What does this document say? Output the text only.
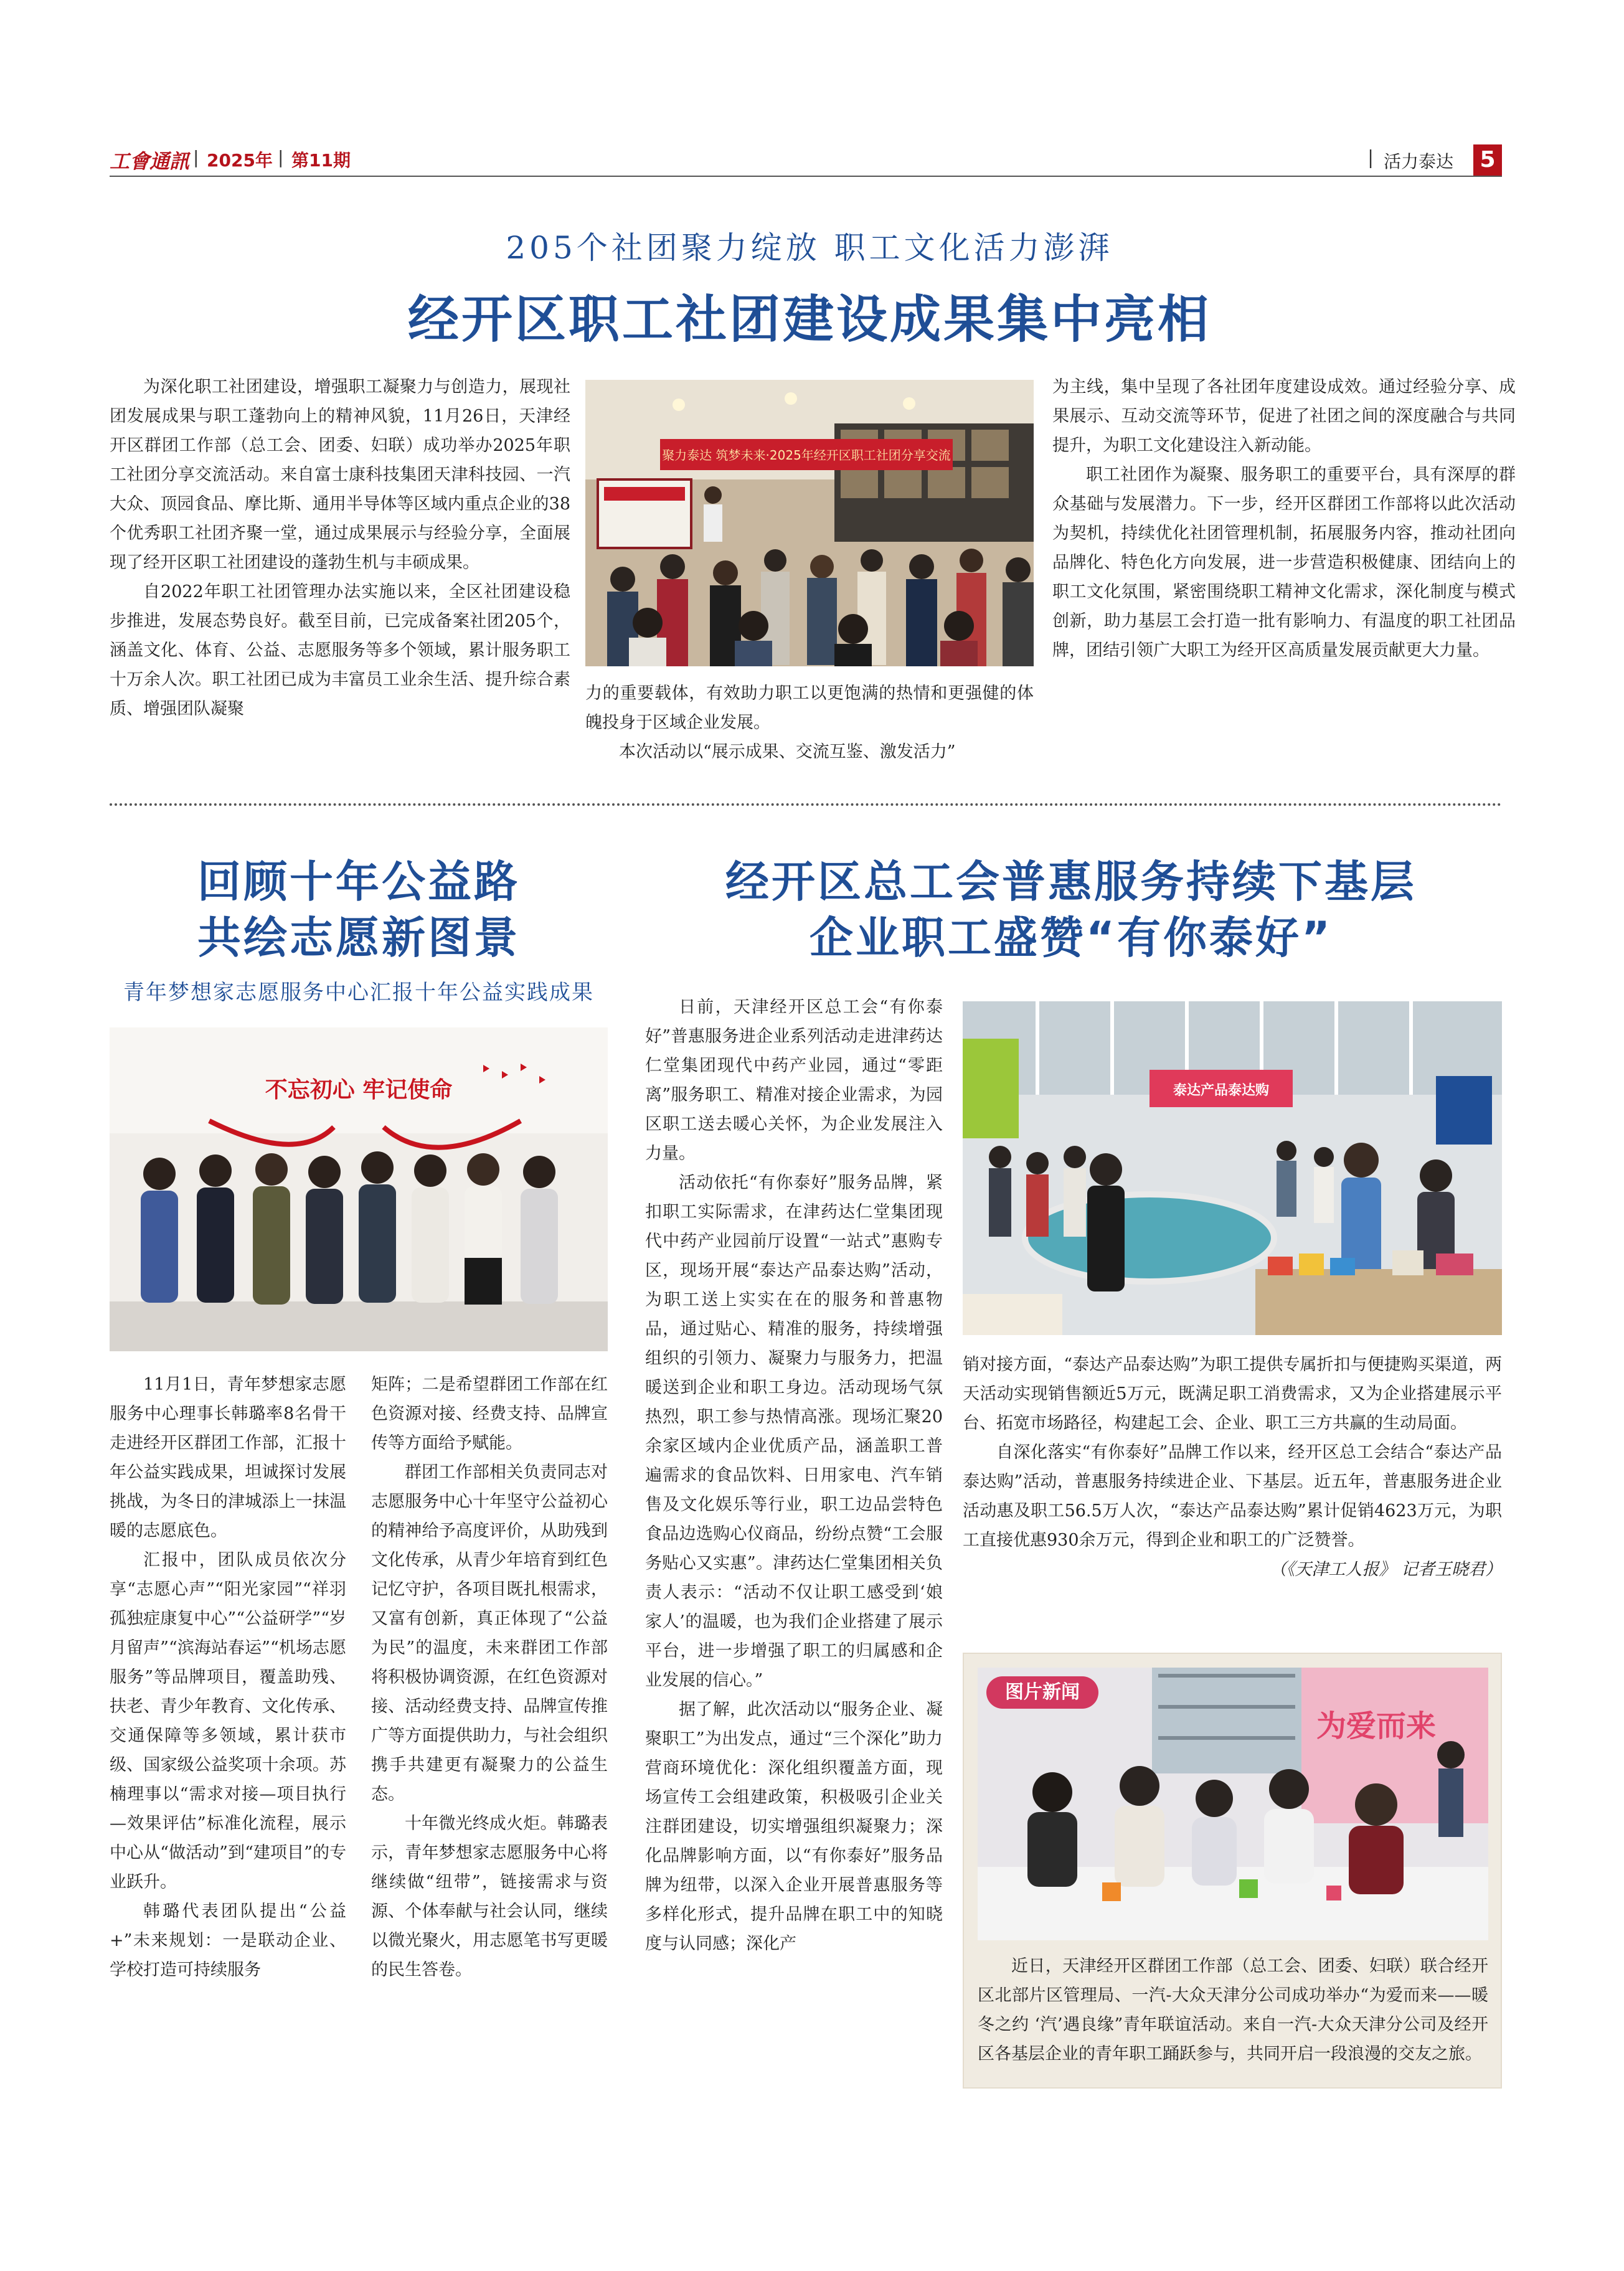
工會通訊 | 2025年 | 第11期	| 活力泰达 5
205个社团聚力绽放 职工文化活力澎湃
经开区职工社团建设成果集中亮相

为深化职工社团建设，增强职工凝聚力与创造力，展现社团发展成果与职工蓬勃向上的精神风貌，11月26日，天津经开区群团工作部（总工会、团委、妇联）成功举办2025年职工社团分享交流活动。来自富士康科技集团天津科技园、一汽大众、顶园食品、摩比斯、通用半导体等区域内重点企业的38个优秀职工社团齐聚一堂，通过成果展示与经验分享，全面展现了经开区职工社团建设的蓬勃生机与丰硕成果。

自2022年职工社团管理办法实施以来，全区社团建设稳步推进，发展态势良好。截至目前，已完成备案社团205个，涵盖文化、体育、公益、志愿服务等多个领域，累计服务职工十万余人次。职工社团已成为丰富员工业余生活、提升综合素质、增强团队凝聚

聚力泰达 筑梦未来·2025年经开区职工社团分享交流

力的重要载体，有效助力职工以更饱满的热情和更强健的体魄投身于区域企业发展。

本次活动以“展示成果、交流互鉴、激发活力”

为主线，集中呈现了各社团年度建设成效。通过经验分享、成果展示、互动交流等环节，促进了社团之间的深度融合与共同提升，为职工文化建设注入新动能。

职工社团作为凝聚、服务职工的重要平台，具有深厚的群众基础与发展潜力。下一步，经开区群团工作部将以此次活动为契机，持续优化社团管理机制，拓展服务内容，推动社团向品牌化、特色化方向发展，进一步营造积极健康、团结向上的职工文化氛围，紧密围绕职工精神文化需求，深化制度与模式创新，助力基层工会打造一批有影响力、有温度的职工社团品牌，团结引领广大职工为经开区高质量发展贡献更大力量。

回顾十年公益路
共绘志愿新图景
青年梦想家志愿服务中心汇报十年公益实践成果
不忘初心 牢记使命

11月1日，青年梦想家志愿服务中心理事长韩璐率8名骨干走进经开区群团工作部，汇报十年公益实践成果，坦诚探讨发展挑战，为冬日的津城添上一抹温暖的志愿底色。

汇报中，团队成员依次分享“志愿心声”“阳光家园”“祥羽孤独症康复中心”“公益研学”“岁月留声”“滨海站春运”“机场志愿服务”等品牌项目，覆盖助残、扶老、青少年教育、文化传承、交通保障等多领域，累计获市级、国家级公益奖项十余项。苏楠理事以“需求对接—项目执行—效果评估”标准化流程，展示中心从“做活动”到“建项目”的专业跃升。

韩璐代表团队提出“公益+”未来规划：一是联动企业、学校打造可持续服务

矩阵；二是希望群团工作部在红色资源对接、经费支持、品牌宣传等方面给予赋能。

群团工作部相关负责同志对志愿服务中心十年坚守公益初心的精神给予高度评价，从助残到文化传承，从青少年培育到红色记忆守护，各项目既扎根需求，又富有创新，真正体现了“公益为民”的温度，未来群团工作部将积极协调资源，在红色资源对接、活动经费支持、品牌宣传推广等方面提供助力，与社会组织携手共建更有凝聚力的公益生态。

十年微光终成火炬。韩璐表示，青年梦想家志愿服务中心将继续做“纽带”，链接需求与资源、个体奉献与社会认同，继续以微光聚火，用志愿笔书写更暖的民生答卷。

经开区总工会普惠服务持续下基层
企业职工盛赞“有你泰好”

日前，天津经开区总工会“有你泰好”普惠服务进企业系列活动走进津药达仁堂集团现代中药产业园，通过“零距离”服务职工、精准对接企业需求，为园区职工送去暖心关怀，为企业发展注入力量。

活动依托“有你泰好”服务品牌，紧扣职工实际需求，在津药达仁堂集团现代中药产业园前厅设置“一站式”惠购专区，现场开展“泰达产品泰达购”活动，为职工送上实实在在的服务和普惠物品，通过贴心、精准的服务，持续增强组织的引领力、凝聚力与服务力，把温暖送到企业和职工身边。活动现场气氛热烈，职工参与热情高涨。现场汇聚20余家区域内企业优质产品，涵盖职工普遍需求的食品饮料、日用家电、汽车销售及文化娱乐等行业，职工边品尝特色食品边选购心仪商品，纷纷点赞“工会服务贴心又实惠”。津药达仁堂集团相关负责人表示：“活动不仅让职工感受到‘娘家人’的温暖，也为我们企业搭建了展示平台，进一步增强了职工的归属感和企业发展的信心。”

据了解，此次活动以“服务企业、凝聚职工”为出发点，通过“三个深化”助力营商环境优化：深化组织覆盖方面，现场宣传工会组建政策，积极吸引企业关注群团建设，切实增强组织凝聚力；深化品牌影响方面，以“有你泰好”服务品牌为纽带，以深入企业开展普惠服务等多样化形式，提升品牌在职工中的知晓度与认同感；深化产

泰达产品泰达购

销对接方面，“泰达产品泰达购”为职工提供专属折扣与便捷购买渠道，两天活动实现销售额近5万元，既满足职工消费需求，又为企业搭建展示平台、拓宽市场路径，构建起工会、企业、职工三方共赢的生动局面。

自深化落实“有你泰好”品牌工作以来，经开区总工会结合“泰达产品泰达购”活动，普惠服务持续进企业、下基层。近五年，普惠服务进企业活动惠及职工56.5万人次，“泰达产品泰达购”累计促销4623万元，为职工直接优惠930余万元，得到企业和职工的广泛赞誉。

（《天津工人报》 记者王晓君）

为爱而来
图片新闻

近日，天津经开区群团工作部（总工会、团委、妇联）联合经开区北部片区管理局、一汽-大众天津分公司成功举办“为爱而来——暖冬之约 ‘汽’遇良缘”青年联谊活动。来自一汽-大众天津分公司及经开区各基层企业的青年职工踊跃参与，共同开启一段浪漫的交友之旅。
